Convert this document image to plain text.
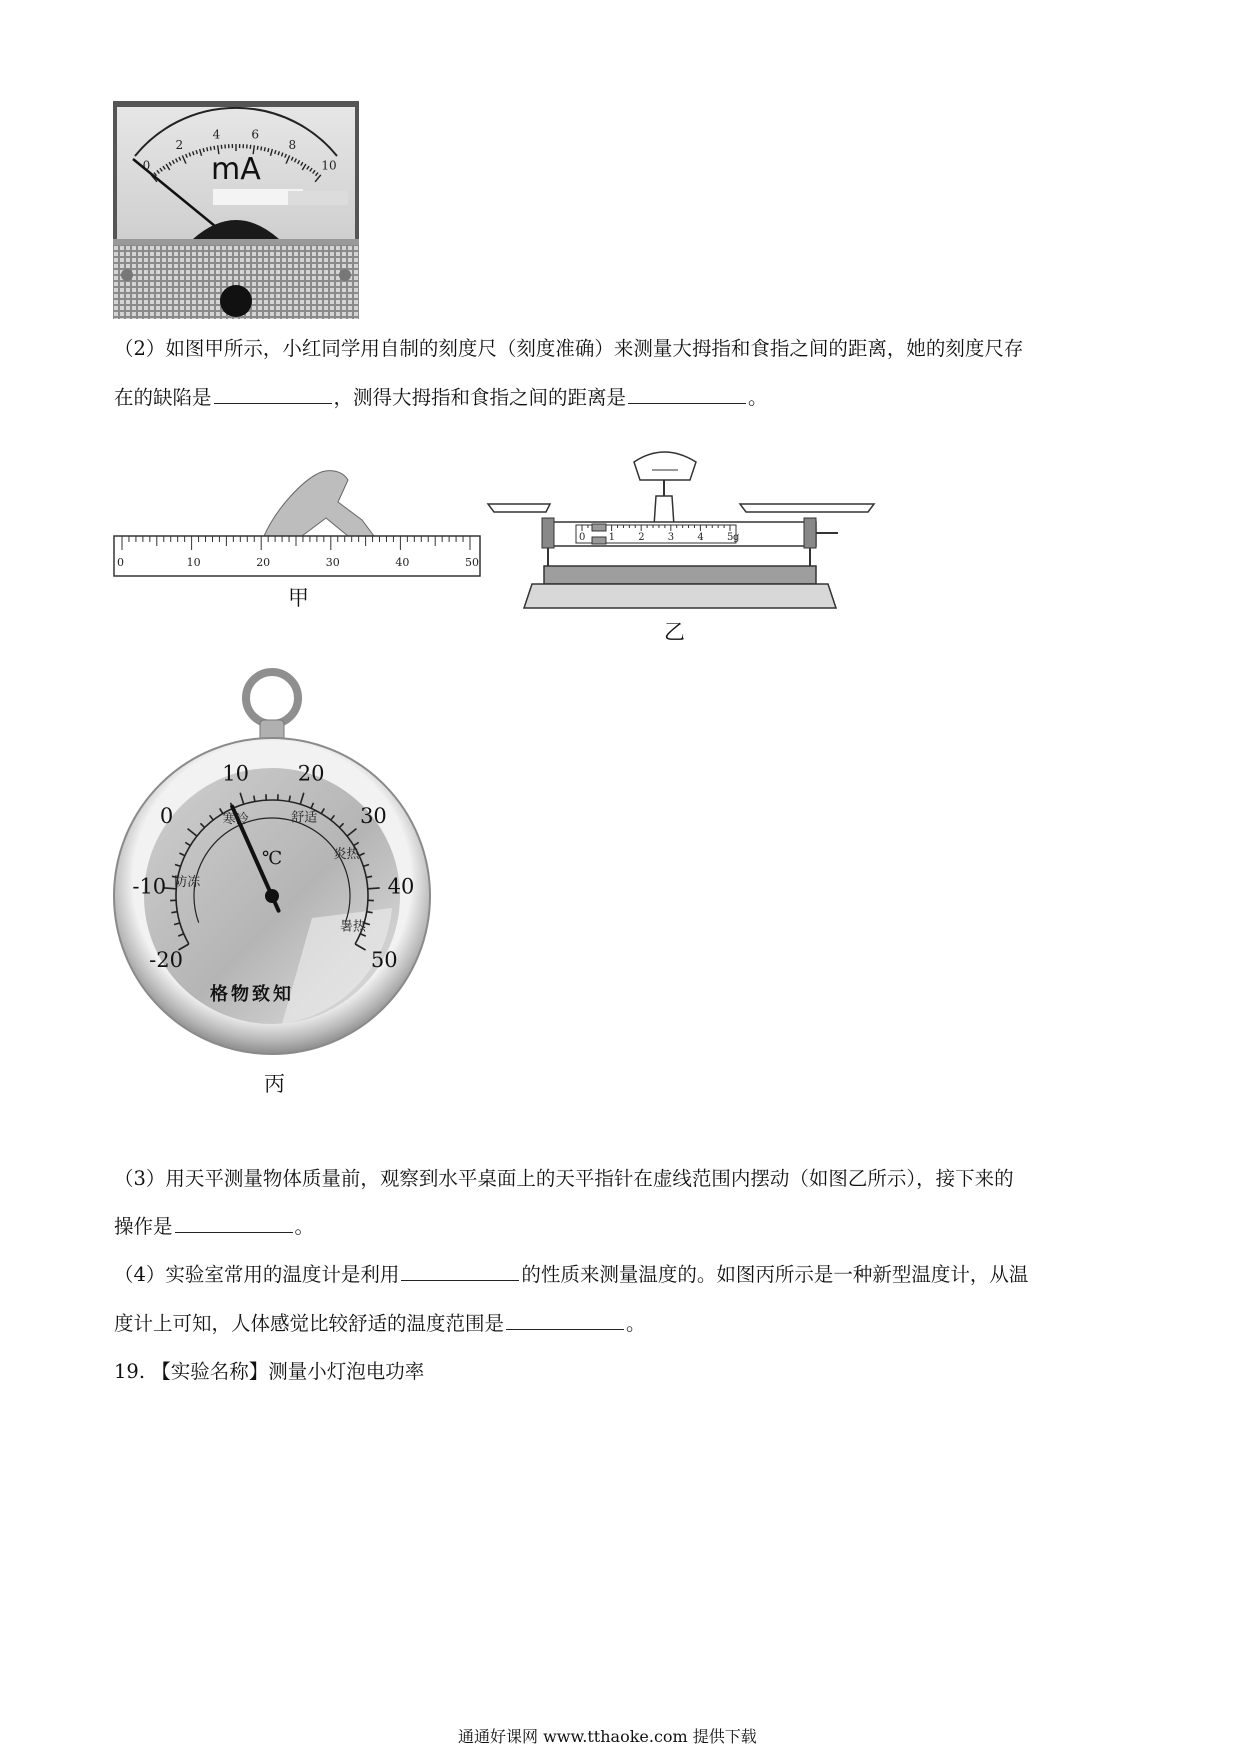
0
2
4	6
8
10
mA
（2）如图甲所示，小红同学用自制的刻度尺（刻度准确）来测量大拇指和食指之间的距离，她的刻度尺存
在的缺陷是	，测得大拇指和食指之间的距离是	。
0	10	20	30	40	50
甲
0 1 2 3 4 5 g
乙
-20
-10
0
10 20
30
40
50
防冻
寒冷	舒适
炎热
暑热
℃
格物致知
丙
（3）用天平测量物体质量前，观察到水平桌面上的天平指针在虚线范围内摆动（如图乙所示），接下来的
操作是	。
（4）实验室常用的温度计是利用	的性质来测量温度的。如图丙所示是一种新型温度计，从温
度计上可知，人体感觉比较舒适的温度范围是	。
19. 【实验名称】测量小灯泡电功率
通通好课网 www.tthaoke.com 提供下载
